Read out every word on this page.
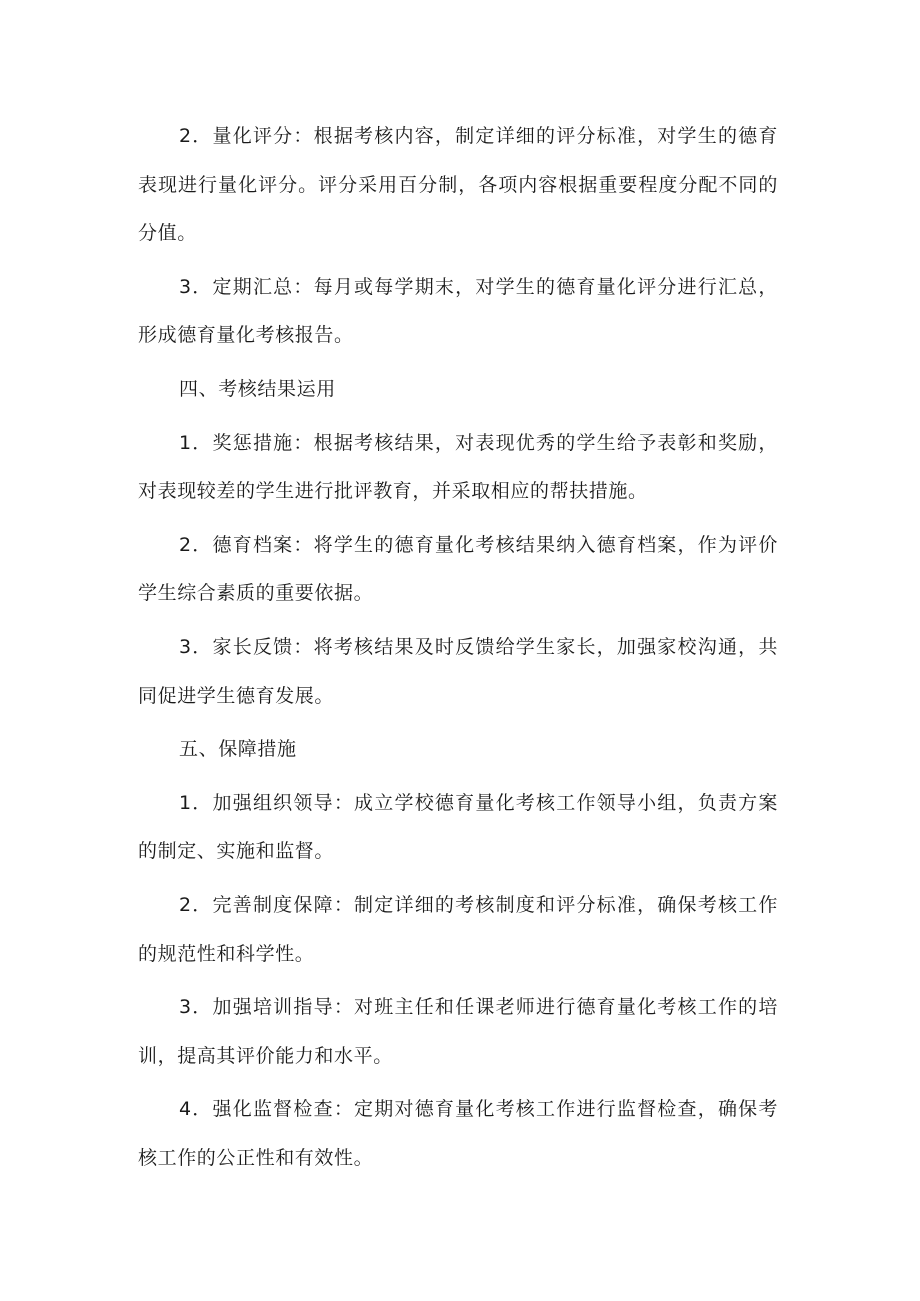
2．量化评分：根据考核内容，制定详细的评分标准，对学生的德育表现进行量化评分。评分采用百分制，各项内容根据重要程度分配不同的分值。

3．定期汇总：每月或每学期末，对学生的德育量化评分进行汇总，形成德育量化考核报告。

四、考核结果运用

1．奖惩措施：根据考核结果，对表现优秀的学生给予表彰和奖励，对表现较差的学生进行批评教育，并采取相应的帮扶措施。

2．德育档案：将学生的德育量化考核结果纳入德育档案，作为评价学生综合素质的重要依据。

3．家长反馈：将考核结果及时反馈给学生家长，加强家校沟通，共同促进学生德育发展。

五、保障措施

1．加强组织领导：成立学校德育量化考核工作领导小组，负责方案的制定、实施和监督。

2．完善制度保障：制定详细的考核制度和评分标准，确保考核工作的规范性和科学性。

3．加强培训指导：对班主任和任课老师进行德育量化考核工作的培训，提高其评价能力和水平。

4．强化监督检查：定期对德育量化考核工作进行监督检查，确保考核工作的公正性和有效性。
